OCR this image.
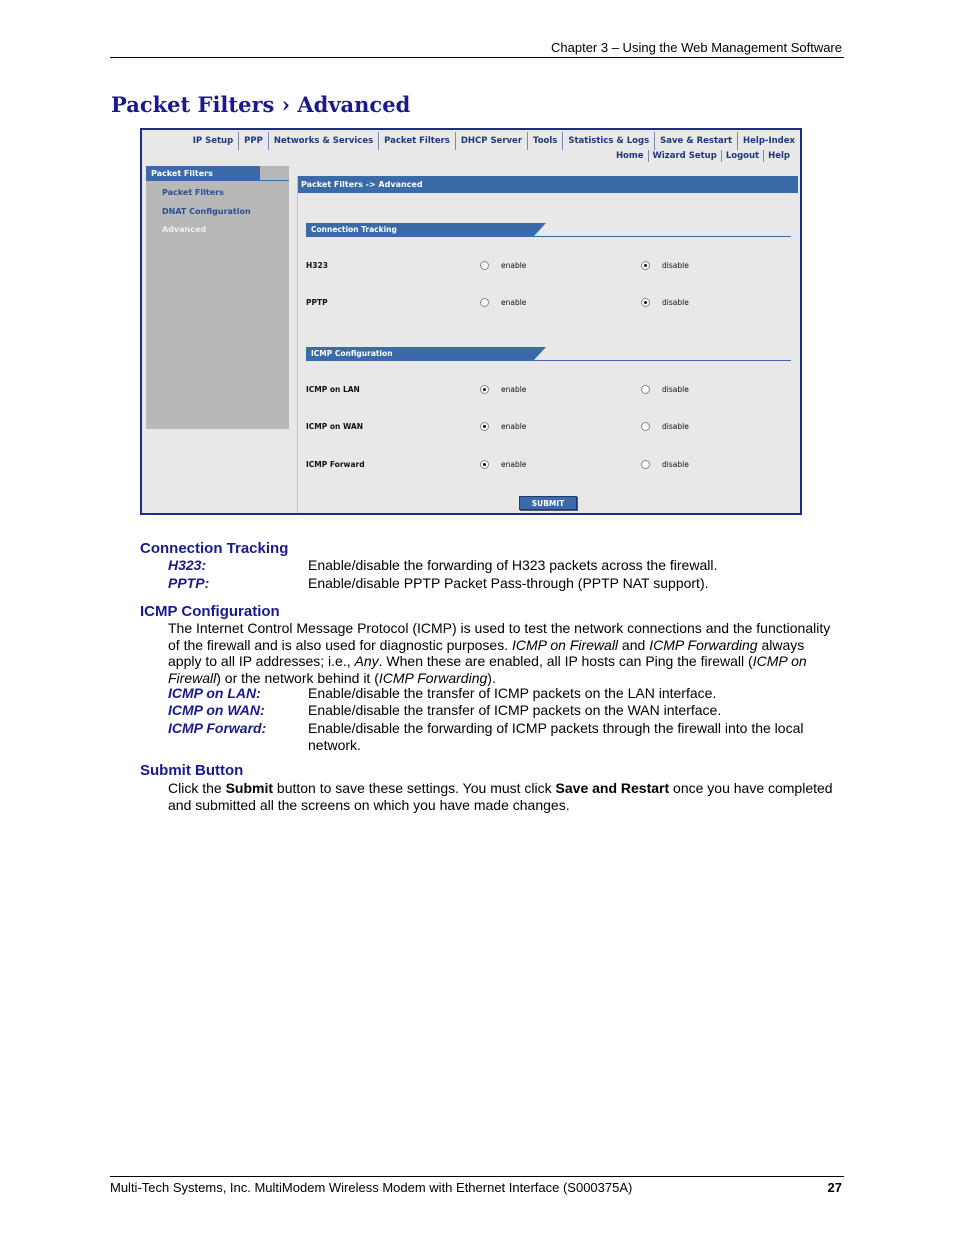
Chapter 3 – Using the Web Management Software
Packet Filters › Advanced
IP Setup	PPP	Networks & Services	Packet Filters	DHCP Server	Tools	Statistics & Logs	Save & Restart	Help-Index
Home	Wizard Setup	Logout	Help
Packet Filters
Packet Filters
DNAT Configuration
Advanced
Packet Filters -> Advanced
Connection Tracking
H323	enable	disable
PPTP	enable	disable
ICMP Configuration
ICMP on LAN	enable	disable
ICMP on WAN	enable	disable
ICMP Forward	enable	disable
SUBMIT
Connection Tracking
H323:	Enable/disable the forwarding of H323 packets across the firewall.
PPTP:	Enable/disable PPTP Packet Pass-through (PPTP NAT support).
ICMP Configuration
The Internet Control Message Protocol (ICMP) is used to test the network connections and the functionality of the firewall and is also used for diagnostic purposes. ICMP on Firewall and ICMP Forwarding always apply to all IP addresses; i.e., Any. When these are enabled, all IP hosts can Ping the firewall (ICMP on Firewall) or the network behind it (ICMP Forwarding).
ICMP on LAN:	Enable/disable the transfer of ICMP packets on the LAN interface.
ICMP on WAN:	Enable/disable the transfer of ICMP packets on the WAN interface.
ICMP Forward:	Enable/disable the forwarding of ICMP packets through the firewall into the local network.
Submit Button
Click the Submit button to save these settings. You must click Save and Restart once you have completed and submitted all the screens on which you have made changes.
Multi-Tech Systems, Inc. MultiModem Wireless Modem with Ethernet Interface (S000375A)	27
